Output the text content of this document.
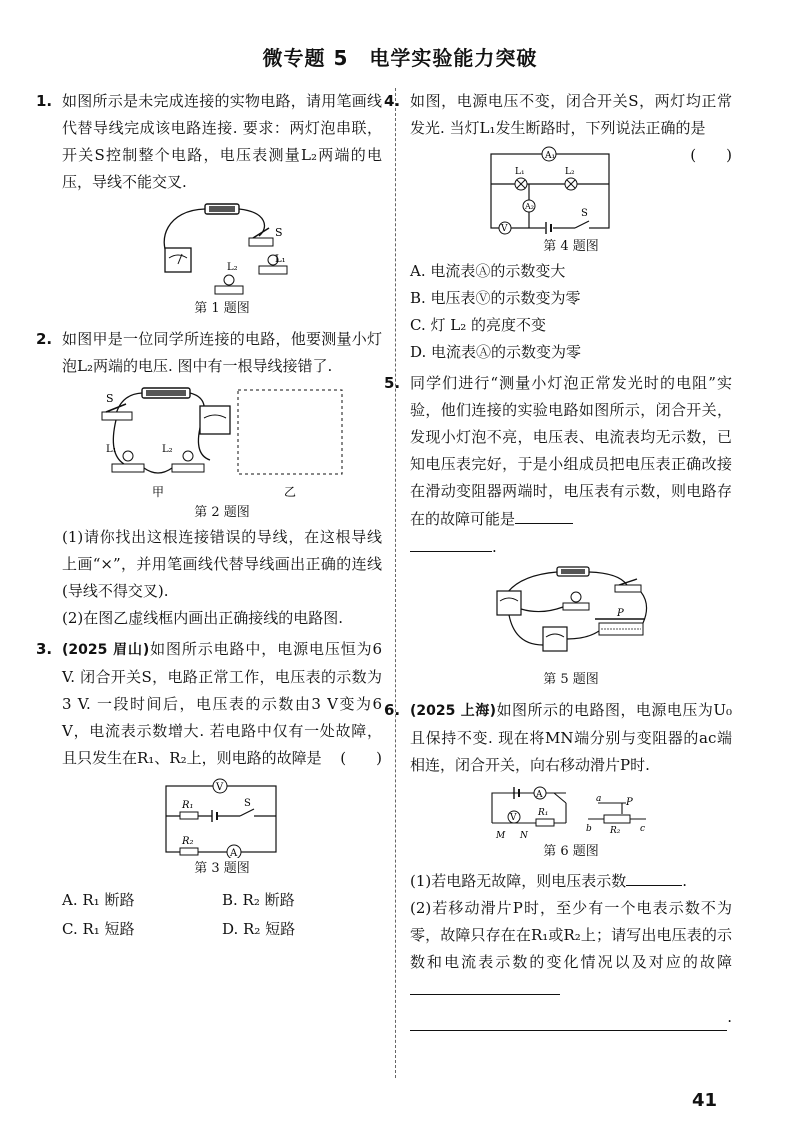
微专题 5　电学实验能力突破
1. 如图所示是未完成连接的实物电路，请用笔画线代替导线完成该电路连接. 要求：两灯泡串联，开关S控制整个电路，电压表测量L₂两端的电压，导线不能交叉.
S
L₁
L₂
第 1 题图
2. 如图甲是一位同学所连接的电路，他要测量小灯泡L₂两端的电压. 图中有一根导线接错了.
S
L₁	L₂
甲	乙
第 2 题图
(1)请你找出这根连接错误的导线，在这根导线上画“×”，并用笔画线代替导线画出正确的连线(导线不得交叉).
(2)在图乙虚线框内画出正确接线的电路图.
3. (2025 眉山)如图所示电路中，电源电压恒为6 V. 闭合开关S，电路正常工作，电压表的示数为3 V. 一段时间后，电压表的示数由3 V变为6 V，电流表示数增大. 若电路中仅有一处故障，且只发生在R₁、R₂上，则电路的故障是 (　　)
V
R₁	S
R₂
A
第 3 题图
A. R₁ 断路	B. R₂ 断路
C. R₁ 短路	D. R₂ 短路
4. 如图，电源电压不变，闭合开关S，两灯均正常发光. 当灯L₁发生断路时，下列说法正确的是
(　　)
A₁
L₁	L₂
A₂
V
S
第 4 题图
A. 电流表Ⓐ的示数变大
B. 电压表Ⓥ的示数变为零
C. 灯 L₂ 的亮度不变
D. 电流表Ⓐ的示数变为零
5. 同学们进行“测量小灯泡正常发光时的电阻”实验，他们连接的实验电路如图所示，闭合开关，发现小灯泡不亮，电压表、电流表均无示数，已知电压表完好，于是小组成员把电压表正确改接在滑动变阻器两端时，电压表有示数，则电路存在的故障可能是
.
P
第 5 题图
6. (2025 上海)如图所示的电路图，电源电压为U₀且保持不变. 现在将MN端分别与变阻器的ac端相连，闭合开关，向右移动滑片P时.
A
V R₁
M N
a P
b R₂ c
第 6 题图
(1)若电路无故障，则电压表示数	.
(2)若移动滑片P时，至少有一个电表示数不为零，故障只存在在R₁或R₂上；请写出电压表的示数和电流表示数的变化情况以及对应的故障
.
41
